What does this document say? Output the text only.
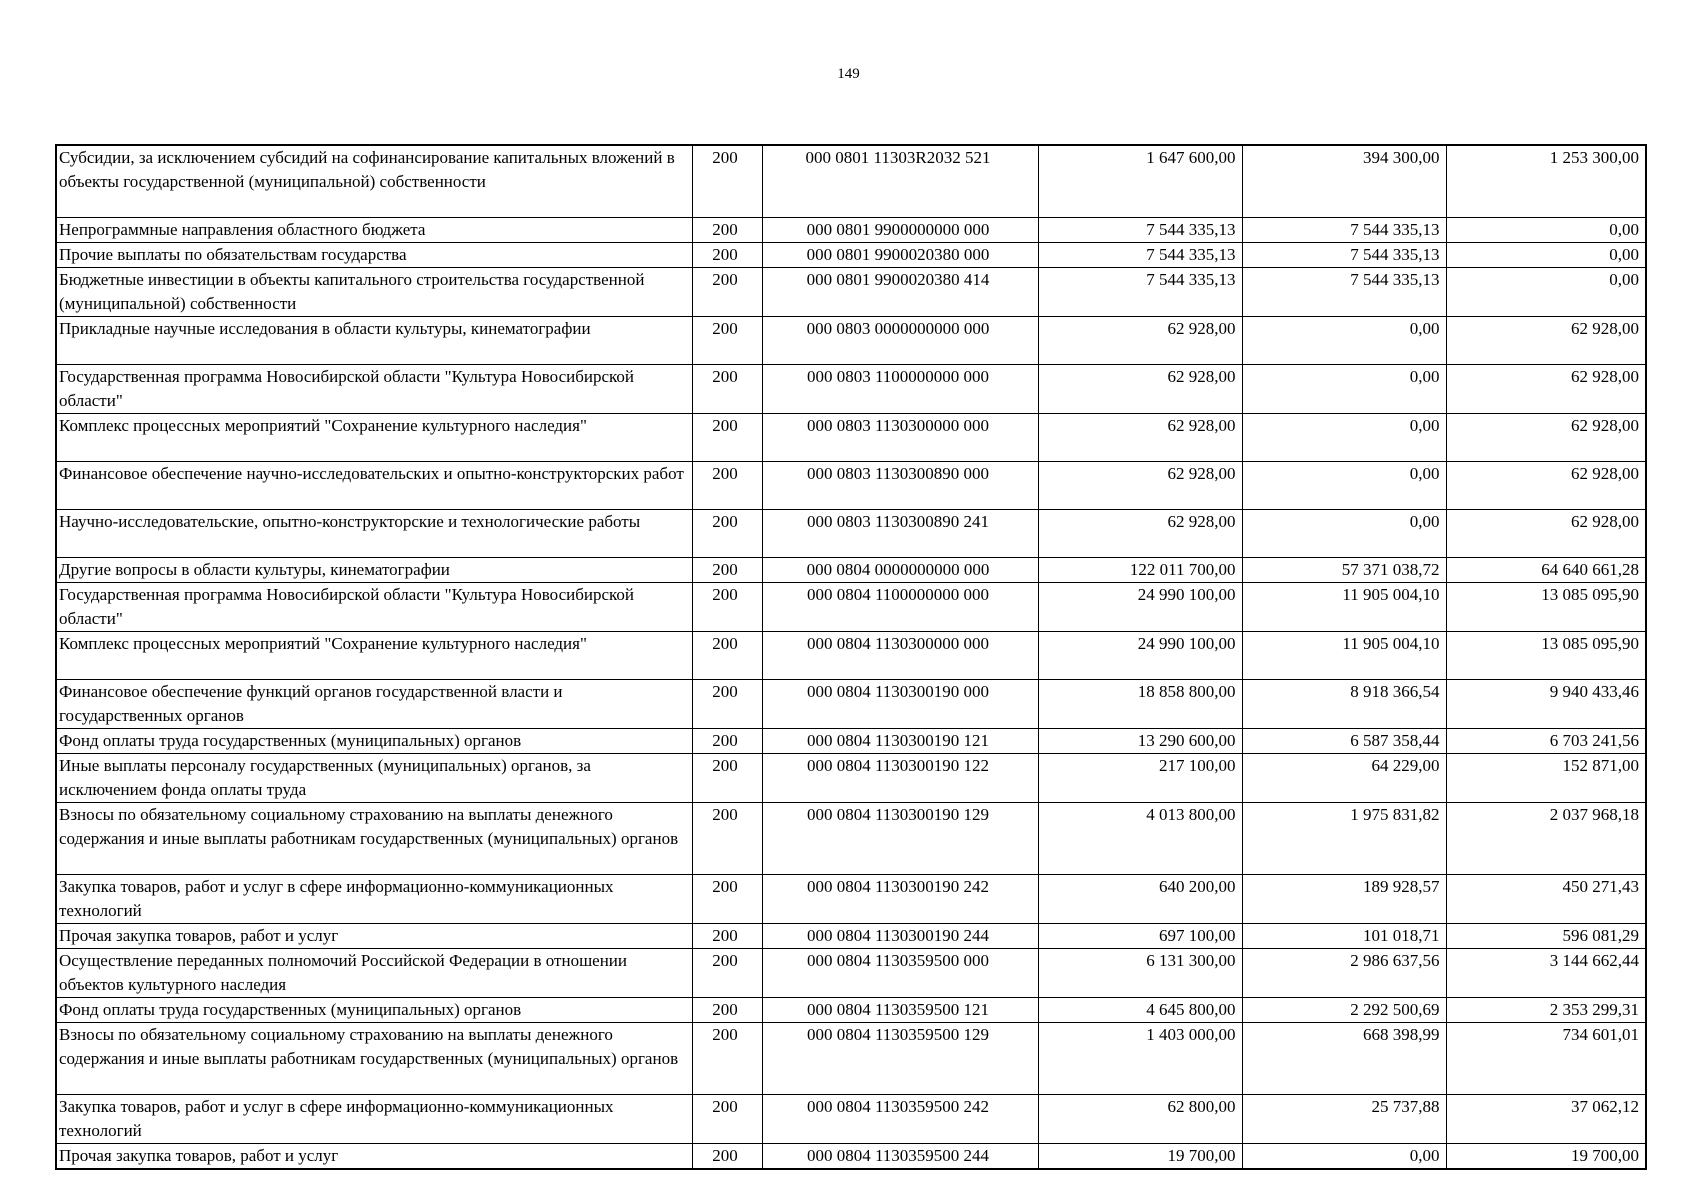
149
Субсидии, за исключением субсидий на софинансирование капитальных вложений в объекты государственной (муниципальной) собственности	200	000 0801 11303R2032 521	1 647 600,00	394 300,00	1 253 300,00
Непрограммные направления областного бюджета	200	000 0801 9900000000 000	7 544 335,13	7 544 335,13	0,00
Прочие выплаты по обязательствам государства	200	000 0801 9900020380 000	7 544 335,13	7 544 335,13	0,00
Бюджетные инвестиции в объекты капитального строительства государственной (муниципальной) собственности	200	000 0801 9900020380 414	7 544 335,13	7 544 335,13	0,00
Прикладные научные исследования в области культуры, кинематографии	200	000 0803 0000000000 000	62 928,00	0,00	62 928,00
Государственная программа Новосибирской области "Культура Новосибирской области"	200	000 0803 1100000000 000	62 928,00	0,00	62 928,00
Комплекс процессных мероприятий "Сохранение культурного наследия"	200	000 0803 1130300000 000	62 928,00	0,00	62 928,00
Финансовое обеспечение научно-исследовательских и опытно-конструкторских работ	200	000 0803 1130300890 000	62 928,00	0,00	62 928,00
Научно-исследовательские, опытно-конструкторские и технологические работы	200	000 0803 1130300890 241	62 928,00	0,00	62 928,00
Другие вопросы в области культуры, кинематографии	200	000 0804 0000000000 000	122 011 700,00	57 371 038,72	64 640 661,28
Государственная программа Новосибирской области "Культура Новосибирской области"	200	000 0804 1100000000 000	24 990 100,00	11 905 004,10	13 085 095,90
Комплекс процессных мероприятий "Сохранение культурного наследия"	200	000 0804 1130300000 000	24 990 100,00	11 905 004,10	13 085 095,90
Финансовое обеспечение функций органов государственной власти и государственных органов	200	000 0804 1130300190 000	18 858 800,00	8 918 366,54	9 940 433,46
Фонд оплаты труда государственных (муниципальных) органов	200	000 0804 1130300190 121	13 290 600,00	6 587 358,44	6 703 241,56
Иные выплаты персоналу государственных (муниципальных) органов, за исключением фонда оплаты труда	200	000 0804 1130300190 122	217 100,00	64 229,00	152 871,00
Взносы по обязательному социальному страхованию на выплаты денежного содержания и иные выплаты работникам государственных (муниципальных) органов	200	000 0804 1130300190 129	4 013 800,00	1 975 831,82	2 037 968,18
Закупка товаров, работ и услуг в сфере информационно-коммуникационных технологий	200	000 0804 1130300190 242	640 200,00	189 928,57	450 271,43
Прочая закупка товаров, работ и услуг	200	000 0804 1130300190 244	697 100,00	101 018,71	596 081,29
Осуществление переданных полномочий Российской Федерации в отношении объектов культурного наследия	200	000 0804 1130359500 000	6 131 300,00	2 986 637,56	3 144 662,44
Фонд оплаты труда государственных (муниципальных) органов	200	000 0804 1130359500 121	4 645 800,00	2 292 500,69	2 353 299,31
Взносы по обязательному социальному страхованию на выплаты денежного содержания и иные выплаты работникам государственных (муниципальных) органов	200	000 0804 1130359500 129	1 403 000,00	668 398,99	734 601,01
Закупка товаров, работ и услуг в сфере информационно-коммуникационных технологий	200	000 0804 1130359500 242	62 800,00	25 737,88	37 062,12
Прочая закупка товаров, работ и услуг	200	000 0804 1130359500 244	19 700,00	0,00	19 700,00
